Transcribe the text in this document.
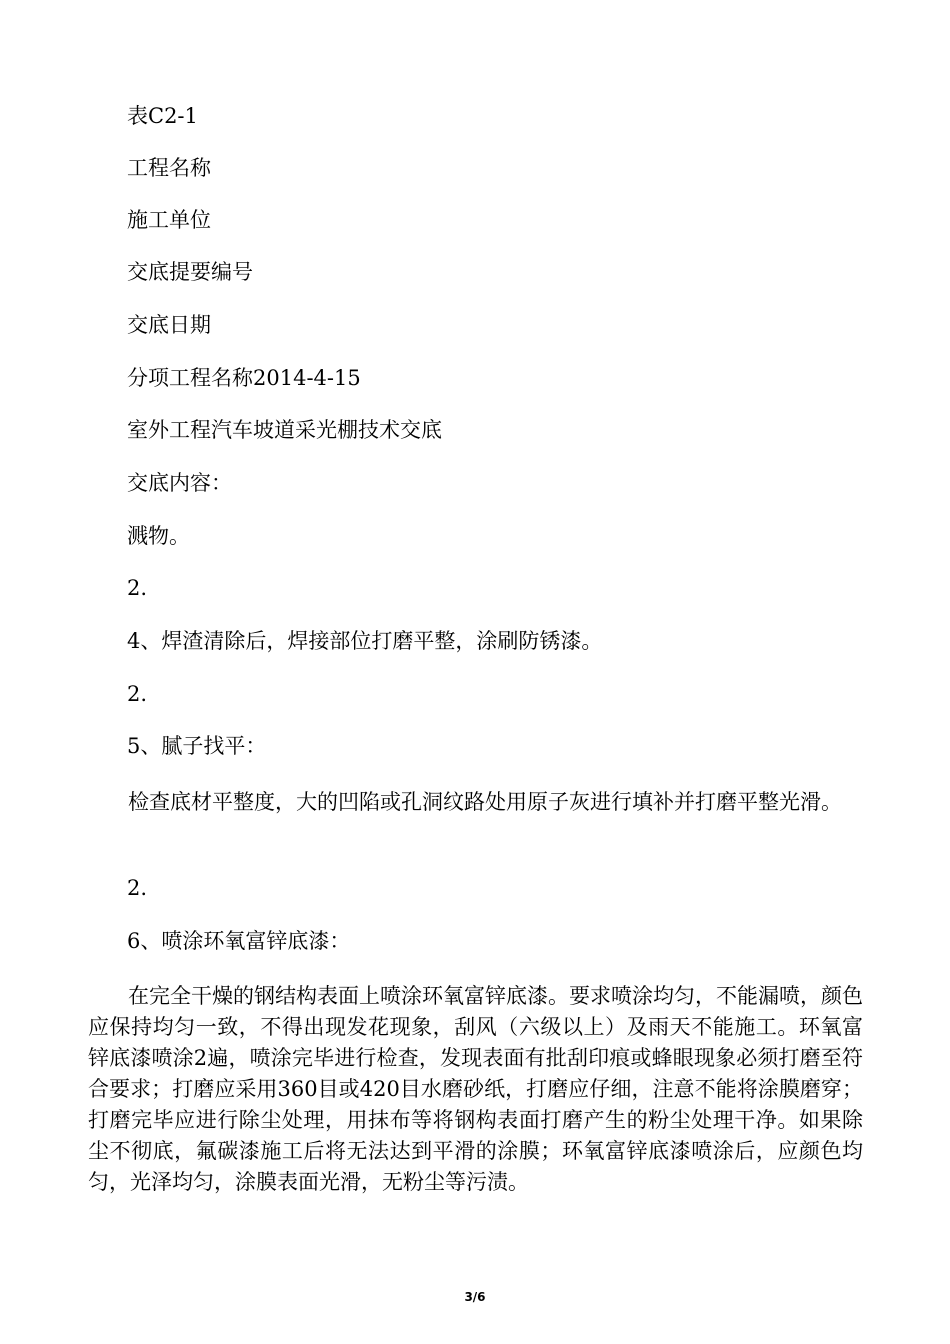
表C2-1
工程名称
施工单位
交底提要编号
交底日期
分项工程名称2014-4-15
室外工程汽车坡道采光棚技术交底
交底内容：
溅物。
2.
4、焊渣清除后，焊接部位打磨平整，涂刷防锈漆。
2.
5、腻子找平：
检查底材平整度，大的凹陷或孔洞纹路处用原子灰进行填补并打磨平整光滑。
2.
6、喷涂环氧富锌底漆：
在完全干燥的钢结构表面上喷涂环氧富锌底漆。要求喷涂均匀，不能漏喷，颜色应保持均匀一致，不得出现发花现象，刮风（六级以上）及雨天不能施工。环氧富锌底漆喷涂2遍，喷涂完毕进行检查，发现表面有批刮印痕或蜂眼现象必须打磨至符合要求；打磨应采用360目或420目水磨砂纸，打磨应仔细，注意不能将涂膜磨穿；打磨完毕应进行除尘处理，用抹布等将钢构表面打磨产生的粉尘处理干净。如果除尘不彻底，氟碳漆施工后将无法达到平滑的涂膜；环氧富锌底漆喷涂后，应颜色均匀，光泽均匀，涂膜表面光滑，无粉尘等污渍。
3/6
